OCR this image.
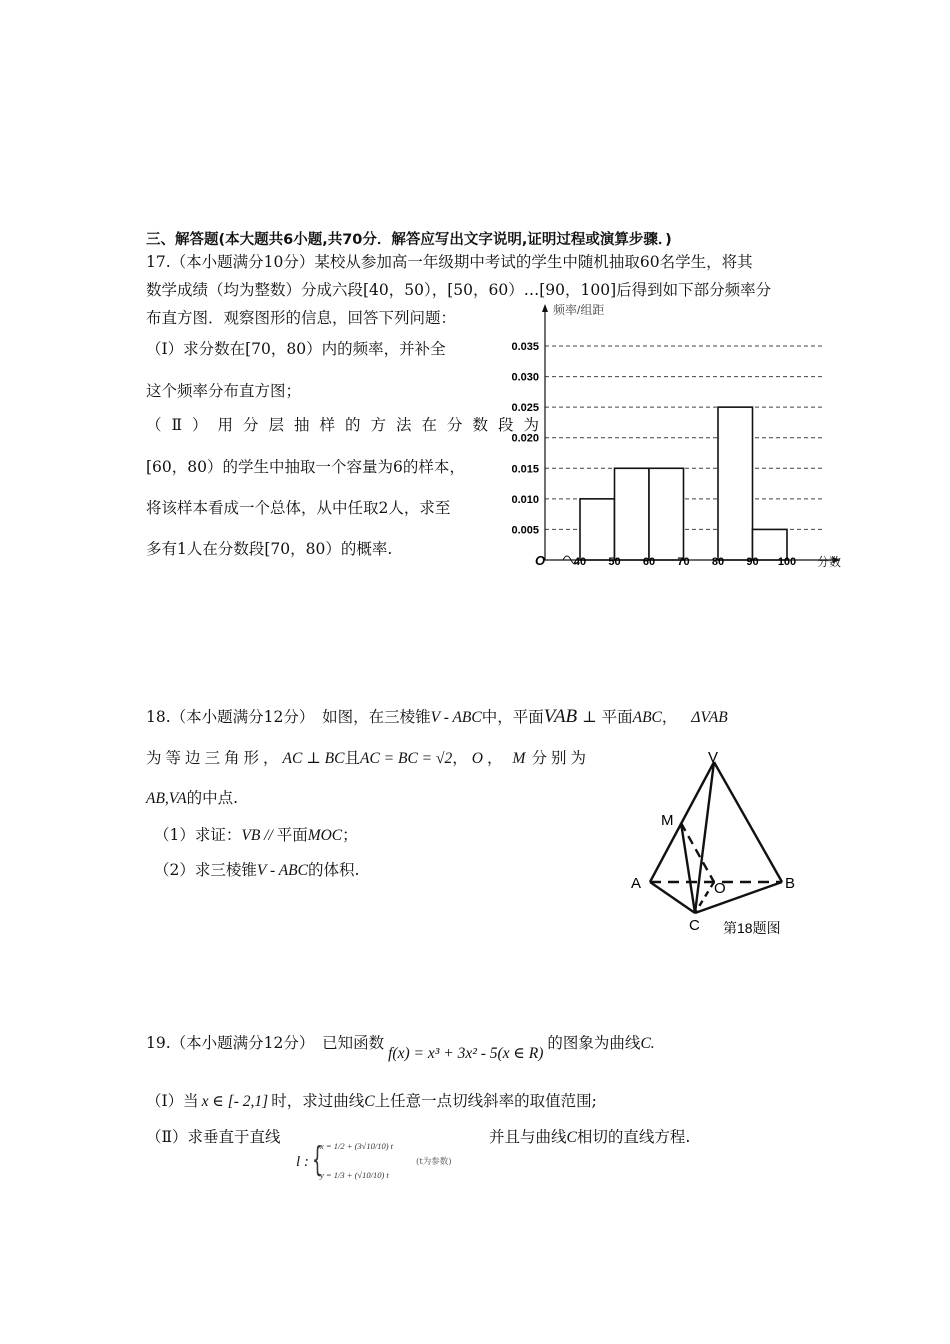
三、解答题(本大题共6小题,共70分．解答应写出文字说明,证明过程或演算步骤．)
17.（本小题满分10分）某校从参加高一年级期中考试的学生中随机抽取60名学生，将其
数学成绩（均为整数）分成六段[40，50），[50，60）…[90，100]后得到如下部分频率分
布直方图．观察图形的信息，回答下列问题：
（Ⅰ）求分数在[70，80）内的频率，并补全
这个频率分布直方图；
（Ⅱ）用分层抽样的方法在分数段为
[60，80）的学生中抽取一个容量为6的样本，
将该样本看成一个总体，从中任取2人，求至
多有1人在分数段[70，80）的概率.
0.005
0.010
0.015
0.020
0.025
0.030
0.035
40 50 60 70 80 90 100
频率/组距
分数
O
18.（本小题满分12分）　如图，在三棱锥V - ABC中，平面VAB ⊥ 平面ABC， ΔVAB
为等边三角形，AC ⊥ BC且AC = BC = √2， O ， M 分别为
AB,VA的中点.
（1）求证：VB // 平面MOC；
（2）求三棱锥V - ABC的体积.
V
M
A	O	B
C 第18题图
19.（本小题满分12分）　已知函数f(x) = x³ + 3x² - 5(x ∈ R)的图象为曲线C.
（Ⅰ）当 x ∈ [- 2,1] 时，求过曲线C上任意一点切线斜率的取值范围;
（Ⅱ）求垂直于直线
l : {
x = 1/2 + (3√10/10) t
y = 1/3 + (√10/10) t
(t为参数)
并且与曲线C相切的直线方程.
